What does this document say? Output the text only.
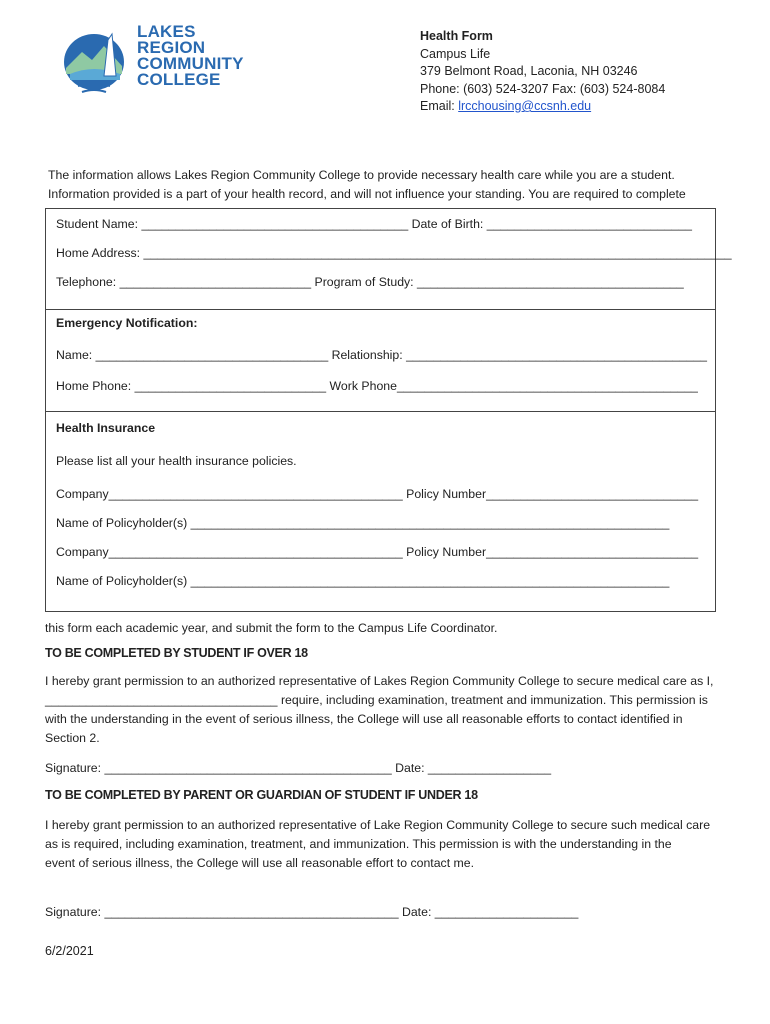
LAKES
REGION
COMMUNITY
COLLEGE
Health Form
Campus Life
379 Belmont Road, Laconia, NH 03246
Phone: (603) 524-3207 Fax: (603) 524-8084
Email: lrcchousing@ccsnh.edu
The information allows Lakes Region Community College to provide necessary health care while you are a student.
Information provided is a part of your health record, and will not influence your standing. You are required to complete
Student Name: _______________________________________ Date of Birth: ______________________________
Home Address: ______________________________________________________________________________________
Telephone: ____________________________ Program of Study: _______________________________________
Emergency Notification:
Name: __________________________________ Relationship: ____________________________________________
Home Phone: ____________________________ Work Phone____________________________________________
Health Insurance
Please list all your health insurance policies.
Company___________________________________________ Policy Number_______________________________
Name of Policyholder(s) ______________________________________________________________________
Company___________________________________________ Policy Number_______________________________
Name of Policyholder(s) ______________________________________________________________________
this form each academic year, and submit the form to the Campus Life Coordinator.
TO BE COMPLETED BY STUDENT IF OVER 18
I hereby grant permission to an authorized representative of Lakes Region Community College to secure medical care as I,
__________________________________ require, including examination, treatment and immunization. This permission is
with the understanding in the event of serious illness, the College will use all reasonable efforts to contact identified in
Section 2.
Signature: __________________________________________ Date: __________________
TO BE COMPLETED BY PARENT OR GUARDIAN OF STUDENT IF UNDER 18
I hereby grant permission to an authorized representative of Lake Region Community College to secure such medical care
as is required, including examination, treatment, and immunization. This permission is with the understanding in the
event of serious illness, the College will use all reasonable effort to contact me.
Signature: ___________________________________________ Date: _____________________
6/2/2021
